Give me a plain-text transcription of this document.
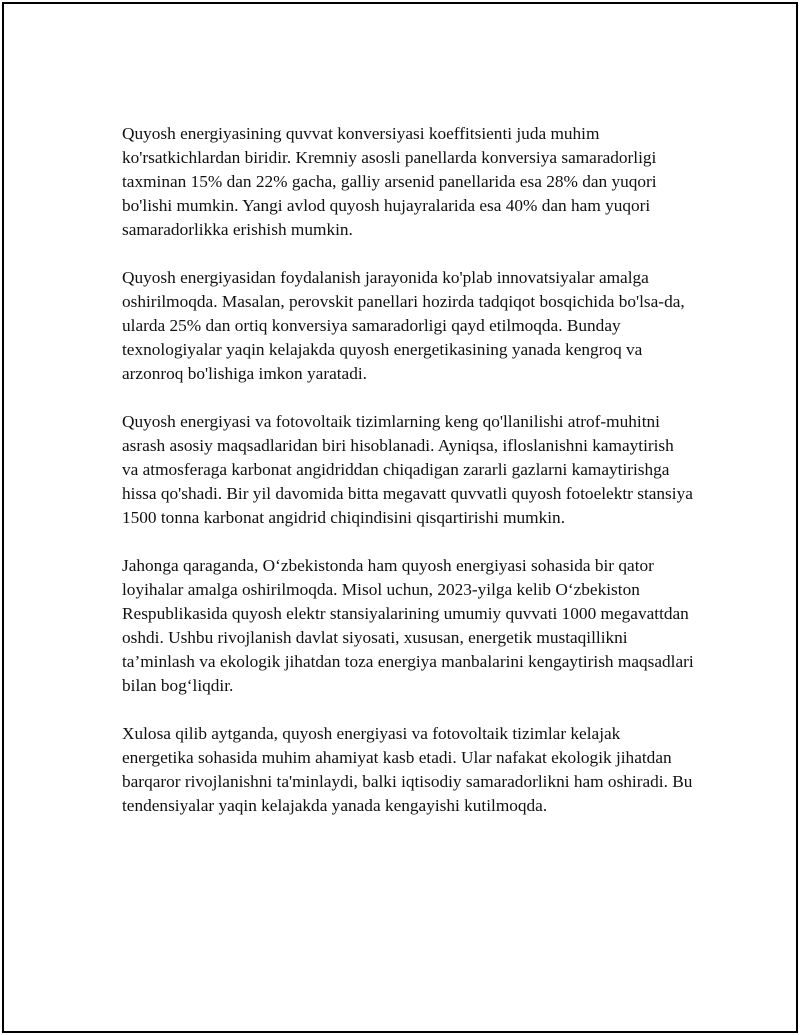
Quyosh energiyasining quvvat konversiyasi koeffitsienti juda muhim ko'rsatkichlardan biridir. Kremniy asosli panellarda konversiya samaradorligi taxminan 15% dan 22% gacha, galliy arsenid panellarida esa 28% dan yuqori bo'lishi mumkin. Yangi avlod quyosh hujayralarida esa 40% dan ham yuqori samaradorlikka erishish mumkin.

Quyosh energiyasidan foydalanish jarayonida ko'plab innovatsiyalar amalga oshirilmoqda. Masalan, perovskit panellari hozirda tadqiqot bosqichida bo'lsa-da, ularda 25% dan ortiq konversiya samaradorligi qayd etilmoqda. Bunday texnologiyalar yaqin kelajakda quyosh energetikasining yanada kengroq va arzonroq bo'lishiga imkon yaratadi.

Quyosh energiyasi va fotovoltaik tizimlarning keng qo'llanilishi atrof-muhitni asrash asosiy maqsadlaridan biri hisoblanadi. Ayniqsa, ifloslanishni kamaytirish va atmosferaga karbonat angidriddan chiqadigan zararli gazlarni kamaytirishga hissa qo'shadi. Bir yil davomida bitta megavatt quvvatli quyosh fotoelektr stansiya 1500 tonna karbonat angidrid chiqindisini qisqartirishi mumkin.

Jahonga qaraganda, O‘zbekistonda ham quyosh energiyasi sohasida bir qator loyihalar amalga oshirilmoqda. Misol uchun, 2023-yilga kelib O‘zbekiston Respublikasida quyosh elektr stansiyalarining umumiy quvvati 1000 megavattdan oshdi. Ushbu rivojlanish davlat siyosati, xususan, energetik mustaqillikni ta’minlash va ekologik jihatdan toza energiya manbalarini kengaytirish maqsadlari bilan bog‘liqdir.

Xulosa qilib aytganda, quyosh energiyasi va fotovoltaik tizimlar kelajak energetika sohasida muhim ahamiyat kasb etadi. Ular nafakat ekologik jihatdan barqaror rivojlanishni ta'minlaydi, balki iqtisodiy samaradorlikni ham oshiradi. Bu tendensiyalar yaqin kelajakda yanada kengayishi kutilmoqda.
